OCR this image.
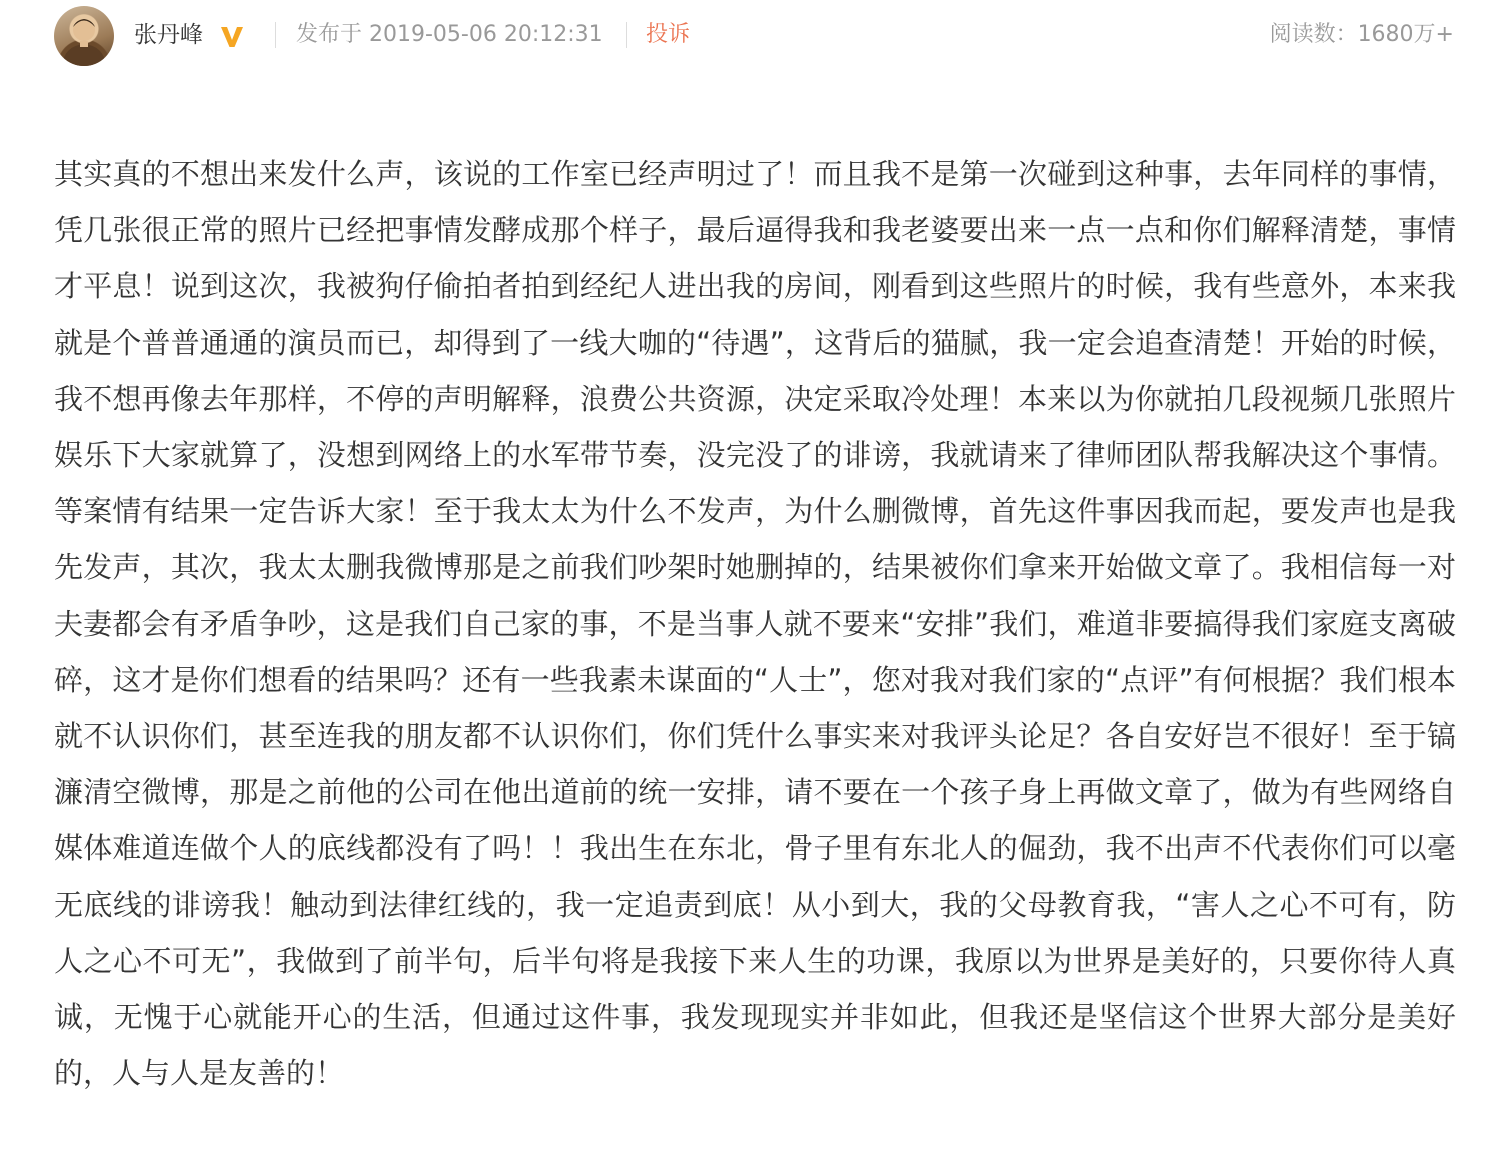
张丹峰	发布于 2019-05-06 20:12:31 投诉	阅读数：1680万+

其实真的不想出来发什么声，该说的工作室已经声明过了！而且我不是第一次碰到这种事，去年同样的事情，凭几张很正常的照片已经把事情发酵成那个样子，最后逼得我和我老婆要出来一点一点和你们解释清楚，事情才平息！说到这次，我被狗仔偷拍者拍到经纪人进出我的房间，刚看到这些照片的时候，我有些意外，本来我就是个普普通通的演员而已，却得到了一线大咖的“待遇”，这背后的猫腻，我一定会追查清楚！开始的时候，我不想再像去年那样，不停的声明解释，浪费公共资源，决定采取冷处理！本来以为你就拍几段视频几张照片娱乐下大家就算了，没想到网络上的水军带节奏，没完没了的诽谤，我就请来了律师团队帮我解决这个事情。等案情有结果一定告诉大家！至于我太太为什么不发声，为什么删微博，首先这件事因我而起，要发声也是我先发声，其次，我太太删我微博那是之前我们吵架时她删掉的，结果被你们拿来开始做文章了。我相信每一对夫妻都会有矛盾争吵，这是我们自己家的事，不是当事人就不要来“安排”我们，难道非要搞得我们家庭支离破碎，这才是你们想看的结果吗？还有一些我素未谋面的“人士”，您对我对我们家的“点评”有何根据？我们根本就不认识你们，甚至连我的朋友都不认识你们，你们凭什么事实来对我评头论足？各自安好岂不很好！至于镐濂清空微博，那是之前他的公司在他出道前的统一安排，请不要在一个孩子身上再做文章了，做为有些网络自媒体难道连做个人的底线都没有了吗！！我出生在东北，骨子里有东北人的倔劲，我不出声不代表你们可以毫无底线的诽谤我！触动到法律红线的，我一定追责到底！从小到大，我的父母教育我，“害人之心不可有，防人之心不可无”，我做到了前半句，后半句将是我接下来人生的功课，我原以为世界是美好的，只要你待人真诚，无愧于心就能开心的生活，但通过这件事，我发现现实并非如此，但我还是坚信这个世界大部分是美好的，人与人是友善的！
